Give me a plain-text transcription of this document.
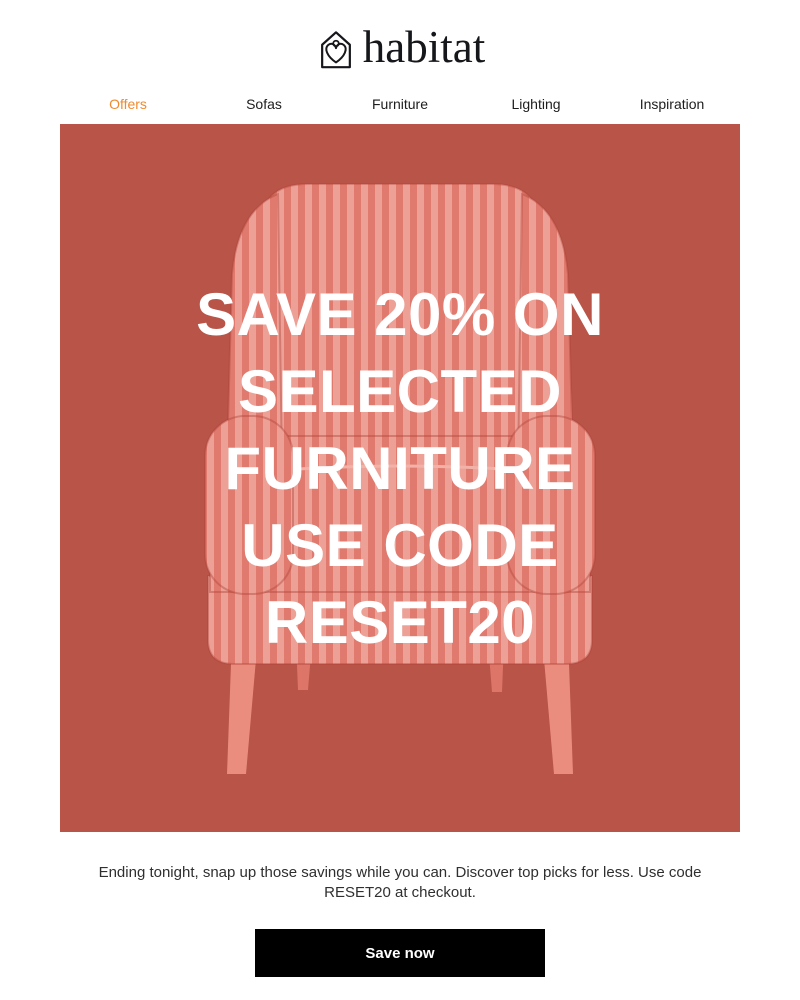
habitat
Offers	Sofas	Furniture	Lighting	Inspiration
SAVE 20% ON
SELECTED
FURNITURE
USE CODE
RESET20

Ending tonight, snap up those savings while you can. Discover top picks for less. Use code RESET20 at checkout.

Save now
